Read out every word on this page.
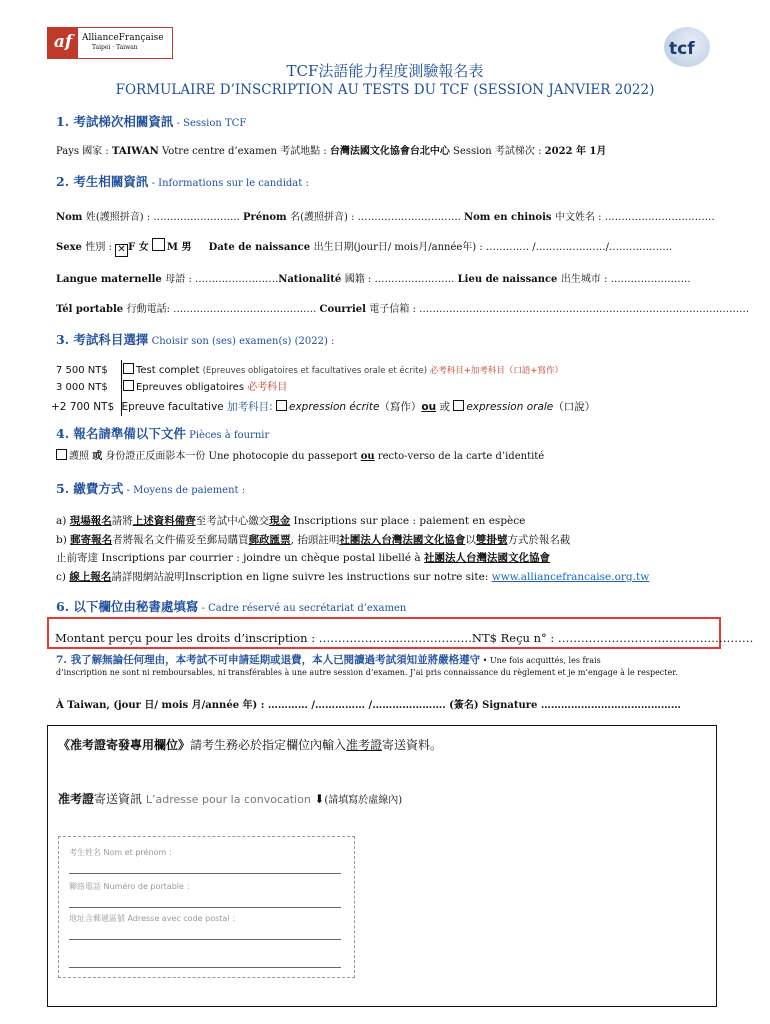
af	AllianceFrançaise
Taipei · Taiwan	tcf
TCF法語能力程度測驗報名表
FORMULAIRE D’INSCRIPTION AU TESTS DU TCF (SESSION JANVIER 2022)
1. 考試梯次相關資訊 - Session TCF
Pays 國家 : TAIWAN Votre centre d’examen 考試地點 : 台灣法國文化協會台北中心 Session 考試梯次 : 2022 年 1月
2. 考生相關資訊 - Informations sur le candidat :
Nom 姓(護照拼音) : …………………….. Prénom 名(護照拼音) : …………………………. Nom en chinois 中文姓名 : ……………………………
Sexe 性別 : ✕ F 女 M 男 Date de naissance 出生日期(jour日/ mois月/année年) : …………. /…………………/……………….
Langue maternelle 母語 : …………………….Nationalité 國籍 : …………………… Lieu de naissance 出生城市 : ……………………
Tél portable 行動電話: ……………………………………. Courriel 電子信箱 : ………………………………………………………………………………………
3. 考試科目選擇 Choisir son (ses) examen(s) (2022) :
7 500 NT$	Test complet (Epreuves obligatoires et facultatives orale et écrite) 必考科目+加考科目（口語+寫作）
3 000 NT$	Epreuves obligatoires 必考科目
+2 700 NT$ Epreuve facultative 加考科目: expression écrite（寫作）ou 或 expression orale（口說）
4. 報名請準備以下文件 Pièces à fournir
護照 或 身份證正反面影本一份 Une photocopie du passeport ou recto-verso de la carte d’identité
5. 繳費方式 - Moyens de paiement :
a) 現場報名請將上述資料備齊至考試中心繳交現金 Inscriptions sur place : paiement en espèce
b) 郵寄報名者將報名文件備妥至郵局購買郵政匯票, 抬頭註明社團法人台灣法國文化協會以雙掛號方式於報名截
止前寄達 Inscriptions par courrier : joindre un chèque postal libellé à 社團法人台灣法國文化協會
c) 線上報名請詳閱網站說明Inscription en ligne suivre les instructions sur notre site: www.alliancefrancaise.org.tw
6. 以下欄位由秘書處填寫 - Cadre réservé au secrétariat d’examen
Montant perçu pour les droits d’inscription : ………………………………….NT$ Reçu n° : ……………………………………………
7. 我了解無論任何理由，本考試不可申請延期或退費，本人已閱讀過考試須知並將嚴格遵守 • Une fois acquittés, les frais
d’inscription ne sont ni remboursables, ni transférables à une autre session d’examen. J’ai pris connaissance du règlement et je m’engage à le respecter.
À Taiwan, (jour 日/ mois 月/année 年) : ………… /…………… /…………………. (簽名) Signature ……………………………………
《准考證寄發專用欄位》請考生務必於指定欄位內輸入准考證寄送資料。
准考證寄送資訊 L’adresse pour la convocation ⬇(請填寫於虛線內)
考生姓名 Nom et prénom ：
聯絡電話 Numéro de portable ：
地址含郵遞區號 Adresse avec code postal ：
